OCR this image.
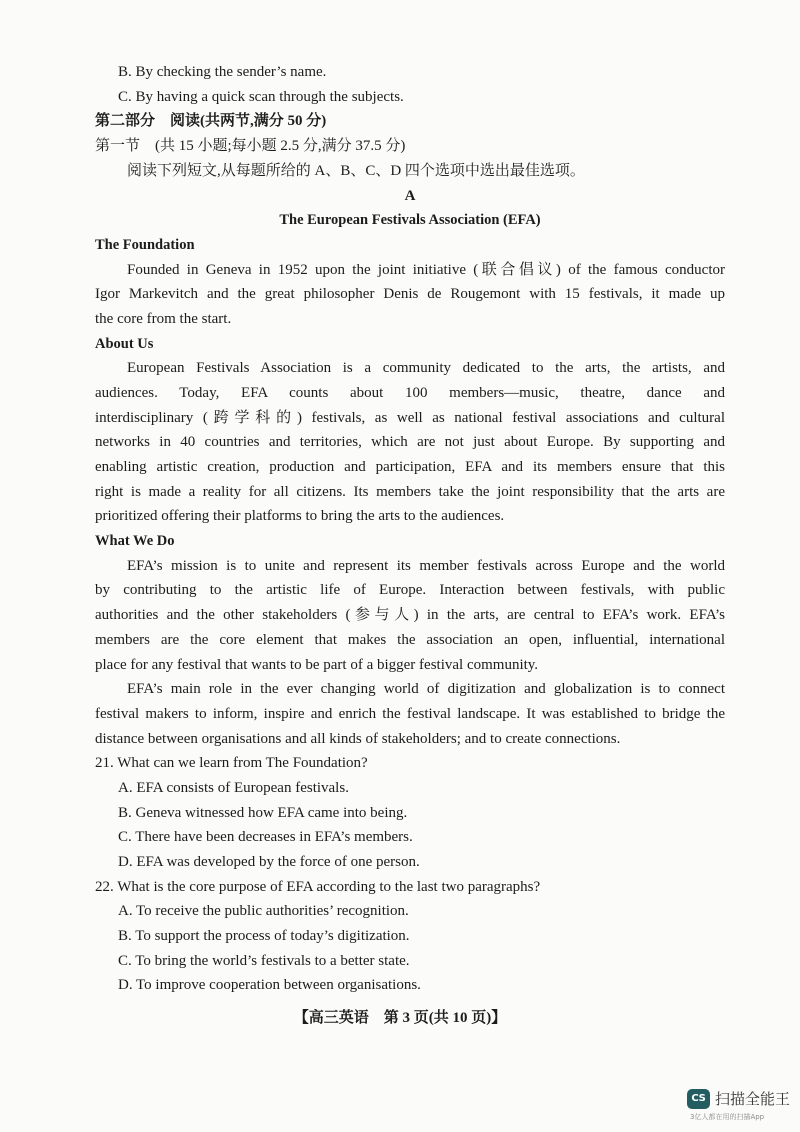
B. By checking the sender’s name.
C. By having a quick scan through the subjects.
第二部分　阅读(共两节,满分 50 分)
第一节　(共 15 小题;每小题 2.5 分,满分 37.5 分)
阅读下列短文,从每题所给的 A、B、C、D 四个选项中选出最佳选项。
A
The European Festivals Association (EFA)
The Foundation
Founded in Geneva in 1952 upon the joint initiative (联合倡议) of the famous conductor
Igor Markevitch and the great philosopher Denis de Rougemont with 15 festivals, it made up
the core from the start.
About Us
European Festivals Association is a community dedicated to the arts, the artists, and
audiences. Today, EFA counts about 100 members—music, theatre, dance and
interdisciplinary (跨学科的) festivals, as well as national festival associations and cultural
networks in 40 countries and territories, which are not just about Europe. By supporting and
enabling artistic creation, production and participation, EFA and its members ensure that this
right is made a reality for all citizens. Its members take the joint responsibility that the arts are
prioritized offering their platforms to bring the arts to the audiences.
What We Do
EFA’s mission is to unite and represent its member festivals across Europe and the world
by contributing to the artistic life of Europe. Interaction between festivals, with public
authorities and the other stakeholders (参与人) in the arts, are central to EFA’s work. EFA’s
members are the core element that makes the association an open, influential, international
place for any festival that wants to be part of a bigger festival community.
EFA’s main role in the ever changing world of digitization and globalization is to connect
festival makers to inform, inspire and enrich the festival landscape. It was established to bridge the
distance between organisations and all kinds of stakeholders; and to create connections.
21. What can we learn from The Foundation?
A. EFA consists of European festivals.
B. Geneva witnessed how EFA came into being.
C. There have been decreases in EFA’s members.
D. EFA was developed by the force of one person.
22. What is the core purpose of EFA according to the last two paragraphs?
A. To receive the public authorities’ recognition.
B. To support the process of today’s digitization.
C. To bring the world’s festivals to a better state.
D. To improve cooperation between organisations.
【高三英语　第 3 页(共 10 页)】
CS 扫描全能王
3亿人都在用的扫描App
